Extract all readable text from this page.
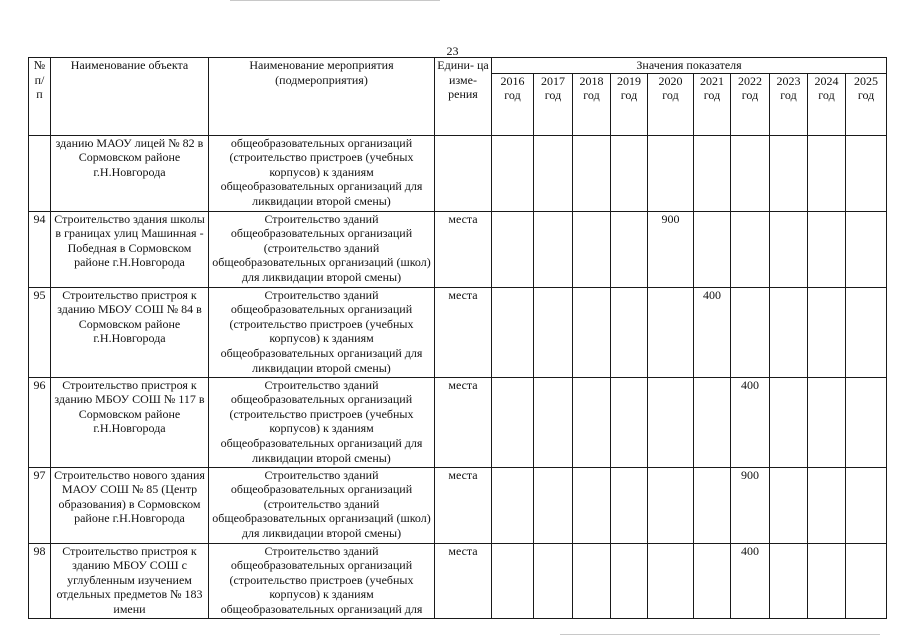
23
№ п/ п	Наименование объекта	Наименование мероприятия (подмероприятия)	Едини- ца изме- рения	Значения показателя									
				2016 год	2017 год	2018 год	2019 год	2020 год	2021 год	2022 год	2023 год	2024 год	2025 год
	зданию МАОУ лицей № 82 в Сормовском районе г.Н.Новгорода	общеобразовательных организаций (строительство пристроев (учебных корпусов) к зданиям общеобразовательных организаций для ликвидации второй смены)											
94	Строительство здания школы в границах улиц Машинная - Победная в Сормовском районе г.Н.Новгорода	Строительство зданий общеобразовательных организаций (строительство зданий общеобразовательных организаций (школ) для ликвидации второй смены)	места					900					
95	Строительство пристроя к зданию МБОУ СОШ № 84 в Сормовском районе г.Н.Новгорода	Строительство зданий общеобразовательных организаций (строительство пристроев (учебных корпусов) к зданиям общеобразовательных организаций для ликвидации второй смены)	места						400				
96	Строительство пристроя к зданию МБОУ СОШ № 117 в Сормовском районе г.Н.Новгорода	Строительство зданий общеобразовательных организаций (строительство пристроев (учебных корпусов) к зданиям общеобразовательных организаций для ликвидации второй смены)	места							400			
97	Строительство нового здания МАОУ СОШ № 85 (Центр образования) в Сормовском районе г.Н.Новгорода	Строительство зданий общеобразовательных организаций (строительство зданий общеобразовательных организаций (школ) для ликвидации второй смены)	места							900			
98	Строительство пристроя к зданию МБОУ СОШ с углубленным изучением отдельных предметов № 183 имени	Строительство зданий общеобразовательных организаций (строительство пристроев (учебных корпусов) к зданиям общеобразовательных организаций для	места							400			
